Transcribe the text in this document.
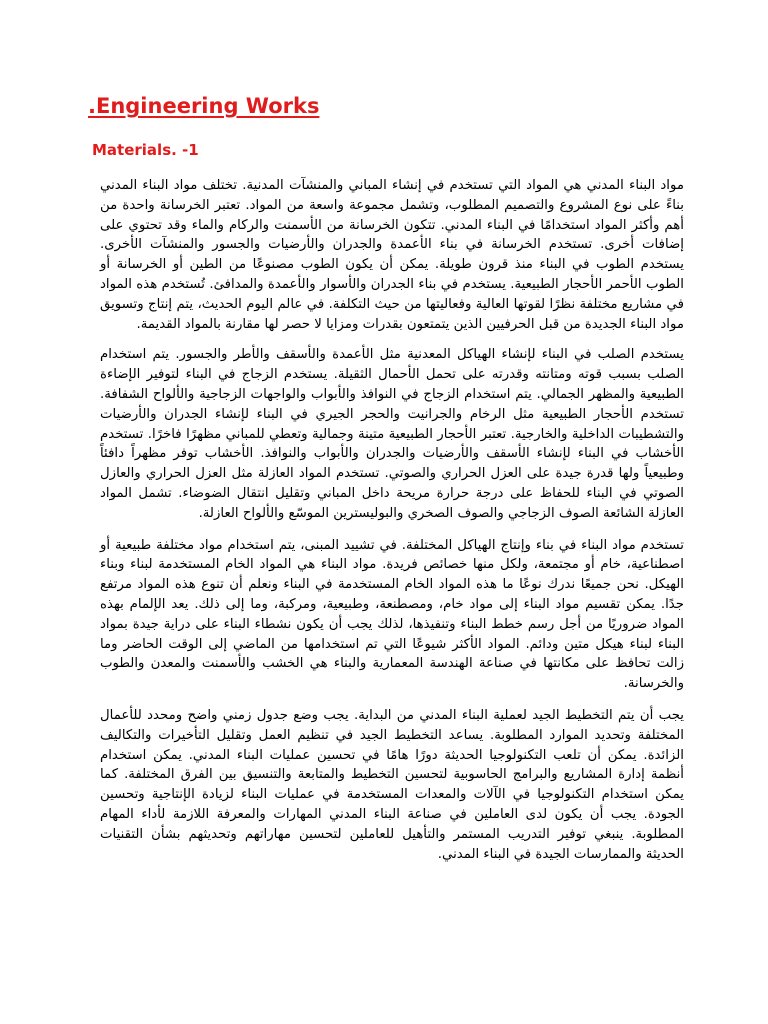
.Engineering Works
Materials. -1

مواد البناء المدني هي المواد التي تستخدم في إنشاء المباني والمنشآت المدنية. تختلف مواد البناء المدني بناءً على نوع المشروع والتصميم المطلوب، وتشمل مجموعة واسعة من المواد. تعتبر الخرسانة واحدة من أهم وأكثر المواد استخدامًا في البناء المدني. تتكون الخرسانة من الأسمنت والركام والماء وقد تحتوي على إضافات أخرى. تستخدم الخرسانة في بناء الأعمدة والجدران والأرضيات والجسور والمنشآت الأخرى. يستخدم الطوب في البناء منذ قرون طويلة. يمكن أن يكون الطوب مصنوعًا من الطين أو الخرسانة أو الطوب الأحمر الأحجار الطبيعية. يستخدم في بناء الجدران والأسوار والأعمدة والمدافئ. تُستخدم هذه المواد في مشاريع مختلفة نظرًا لقوتها العالية وفعاليتها من حيث التكلفة. في عالم اليوم الحديث، يتم إنتاج وتسويق مواد البناء الجديدة من قبل الحرفيين الذين يتمتعون بقدرات ومزايا لا حصر لها مقارنة بالمواد القديمة.

يستخدم الصلب في البناء لإنشاء الهياكل المعدنية مثل الأعمدة والأسقف والأطر والجسور. يتم استخدام الصلب بسبب قوته ومتانته وقدرته على تحمل الأحمال الثقيلة. يستخدم الزجاج في البناء لتوفير الإضاءة الطبيعية والمظهر الجمالي. يتم استخدام الزجاج في النوافذ والأبواب والواجهات الزجاجية والألواح الشفافة. تستخدم الأحجار الطبيعية مثل الرخام والجرانيت والحجر الجيري في البناء لإنشاء الجدران والأرضيات والتشطيبات الداخلية والخارجية. تعتبر الأحجار الطبيعية متينة وجمالية وتعطي للمباني مظهرًا فاخرًا. تستخدم الأخشاب في البناء لإنشاء الأسقف والأرضيات والجدران والأبواب والنوافذ. الأخشاب توفر مظهراً دافئاً وطبيعياً ولها قدرة جيدة على العزل الحراري والصوتي. تستخدم المواد العازلة مثل العزل الحراري والعازل الصوتي في البناء للحفاظ على درجة حرارة مريحة داخل المباني وتقليل انتقال الضوضاء. تشمل المواد العازلة الشائعة الصوف الزجاجي والصوف الصخري والبوليسترين الموسّع والألواح العازلة.

تستخدم مواد البناء في بناء وإنتاج الهياكل المختلفة. في تشييد المبنى، يتم استخدام مواد مختلفة طبيعية أو اصطناعية، خام أو مجتمعة، ولكل منها خصائص فريدة. مواد البناء هي المواد الخام المستخدمة لبناء وبناء الهيكل. نحن جميعًا ندرك نوعًا ما هذه المواد الخام المستخدمة في البناء ونعلم أن تنوع هذه المواد مرتفع جدًا. يمكن تقسيم مواد البناء إلى مواد خام، ومصطنعة، وطبيعية، ومركبة، وما إلى ذلك. يعد الإلمام بهذه المواد ضروريًا من أجل رسم خطط البناء وتنفيذها، لذلك يجب أن يكون نشطاء البناء على دراية جيدة بمواد البناء لبناء هيكل متين ودائم. المواد الأكثر شيوعًا التي تم استخدامها من الماضي إلى الوقت الحاضر وما زالت تحافظ على مكانتها في صناعة الهندسة المعمارية والبناء هي الخشب والأسمنت والمعدن والطوب والخرسانة.

يجب أن يتم التخطيط الجيد لعملية البناء المدني من البداية. يجب وضع جدول زمني واضح ومحدد للأعمال المختلفة وتحديد الموارد المطلوبة. يساعد التخطيط الجيد في تنظيم العمل وتقليل التأخيرات والتكاليف الزائدة. يمكن أن تلعب التكنولوجيا الحديثة دورًا هامًا في تحسين عمليات البناء المدني. يمكن استخدام أنظمة إدارة المشاريع والبرامج الحاسوبية لتحسين التخطيط والمتابعة والتنسيق بين الفرق المختلفة. كما يمكن استخدام التكنولوجيا في الآلات والمعدات المستخدمة في عمليات البناء لزيادة الإنتاجية وتحسين الجودة. يجب أن يكون لدى العاملين في صناعة البناء المدني المهارات والمعرفة اللازمة لأداء المهام المطلوبة. ينبغي توفير التدريب المستمر والتأهيل للعاملين لتحسين مهاراتهم وتحديثهم بشأن التقنيات الحديثة والممارسات الجيدة في البناء المدني.
